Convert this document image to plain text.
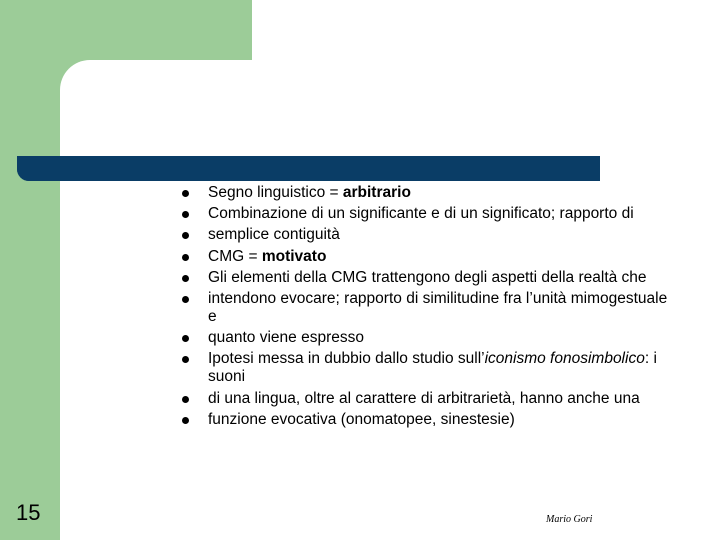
Segno linguistico = arbitrario
Combinazione di un significante e di un significato; rapporto di
semplice contiguità
CMG = motivato
Gli elementi della CMG trattengono degli aspetti della realtà che
intendono evocare; rapporto di similitudine fra l’unità mimogestuale e
quanto viene espresso
Ipotesi messa in dubbio dallo studio sull’iconismo fonosimbolico: i suoni
di una lingua, oltre al carattere di arbitrarietà, hanno anche una
funzione evocativa (onomatopee, sinestesie)
15	Mario Gori
